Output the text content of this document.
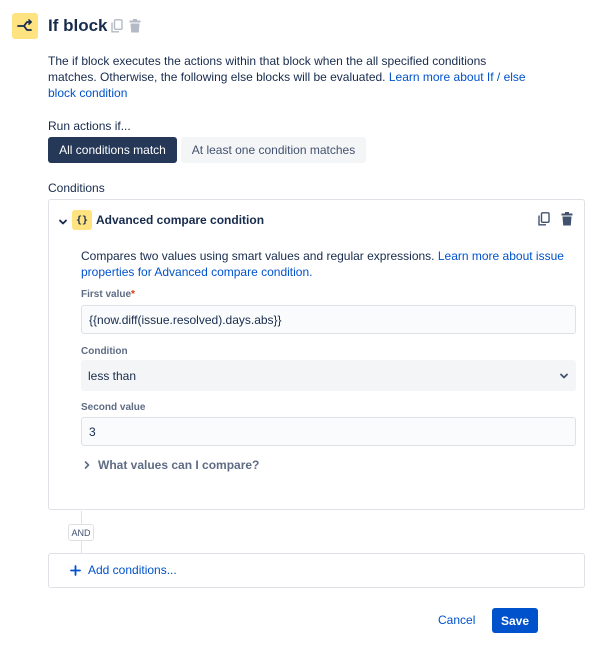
If block
The if block executes the actions within that block when the all specified conditions matches. Otherwise, the following else blocks will be evaluated. Learn more about If / else block condition
Run actions if...
All conditions match	At least one condition matches
Conditions
{} Advanced compare condition
Compares two values using smart values and regular expressions. Learn more about issue properties for Advanced compare condition.
First value*
{{now.diff(issue.resolved).days.abs}}
Condition
less than
Second value
3
What values can I compare?
AND
Add conditions...
Cancel	Save
